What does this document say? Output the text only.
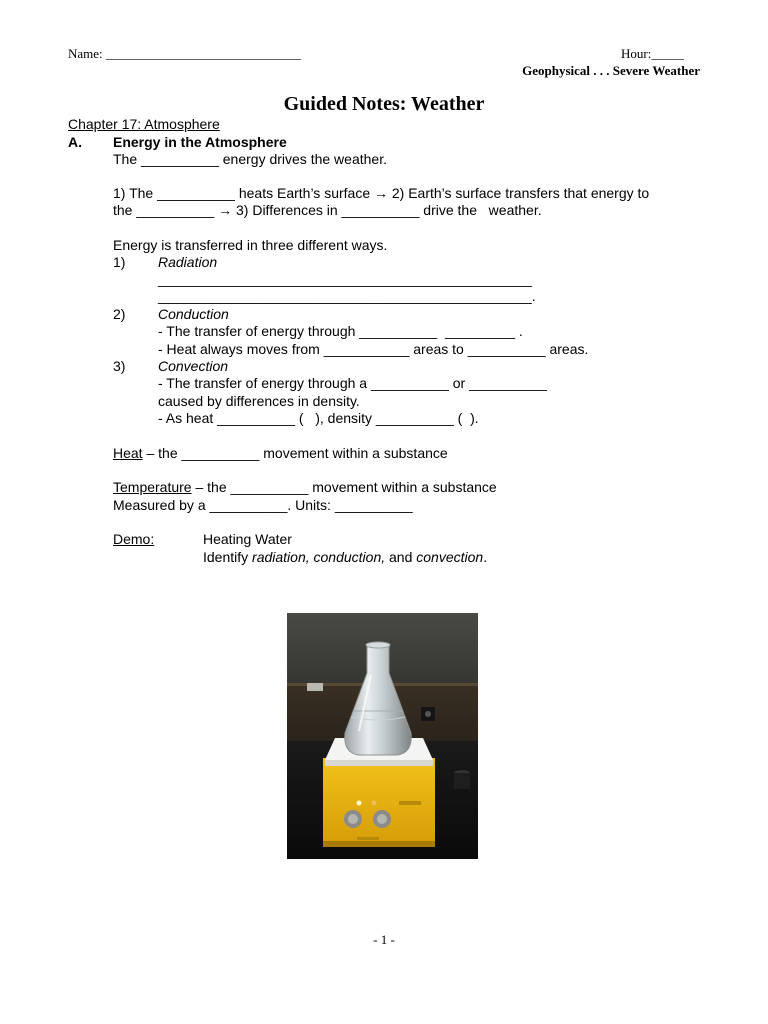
Name: ______________________________	Hour:_____
Geophysical . . . Severe Weather
Guided Notes: Weather
Chapter 17: Atmosphere
A. Energy in the Atmosphere
The __________ energy drives the weather.
1) The __________ heats Earth’s surface → 2) Earth’s surface transfers that energy to
the __________ → 3) Differences in __________ drive the   weather.
Energy is transferred in three different ways.
1) Radiation
________________________________________________
________________________________________________.
2) Conduction
- The transfer of energy through __________  _________ .
- Heat always moves from ___________ areas to __________ areas.
3) Convection
- The transfer of energy through a __________ or __________
caused by differences in density.
- As heat __________ (   ), density __________ (  ).
Heat – the __________ movement within a substance
Temperature – the __________ movement within a substance
Measured by a __________. Units: __________
Demo:	Heating Water
Identify radiation, conduction, and convection.
- 1 -
